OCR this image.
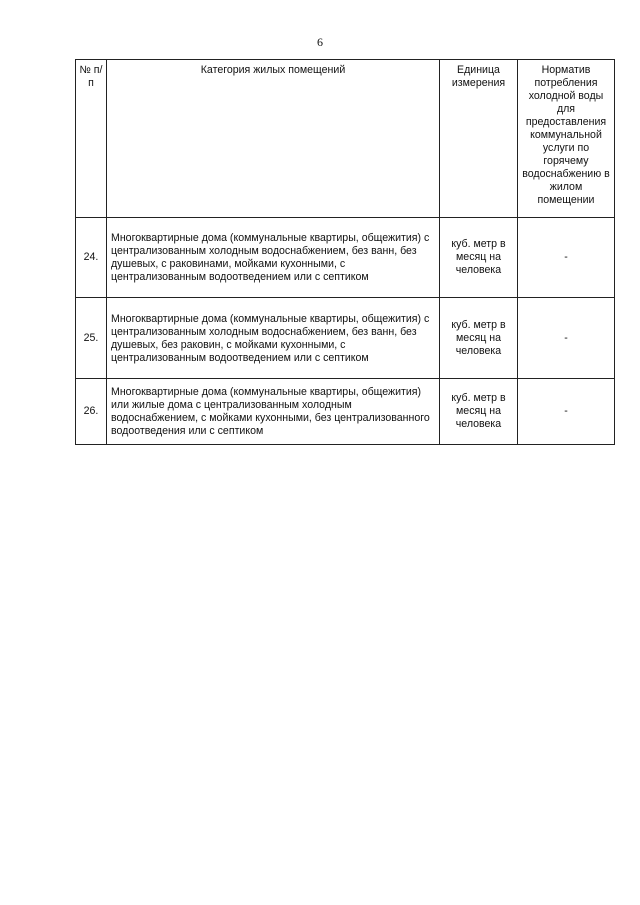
6
№ п/п	Категория жилых помещений	Единица измерения	Норматив потребления холодной воды для предоставления коммунальной услуги по горячему водоснабжению в жилом помещении
24.	Многоквартирные дома (коммунальные квартиры, общежития) с централизованным холодным водоснабжением, без ванн, без душевых, с раковинами, мойками кухонными, с централизованным водоотведением или с септиком	куб. метр в месяц на человека	-
25.	Многоквартирные дома (коммунальные квартиры, общежития) с централизованным холодным водоснабжением, без ванн, без душевых, без раковин, с мойками кухонными, с централизованным водоотведением или с септиком	куб. метр в месяц на человека	-
26.	Многоквартирные дома (коммунальные квартиры, общежития) или жилые дома с централизованным холодным водоснабжением, с мойками кухонными, без централизованного водоотведения или с септиком	куб. метр в месяц на человека	-
